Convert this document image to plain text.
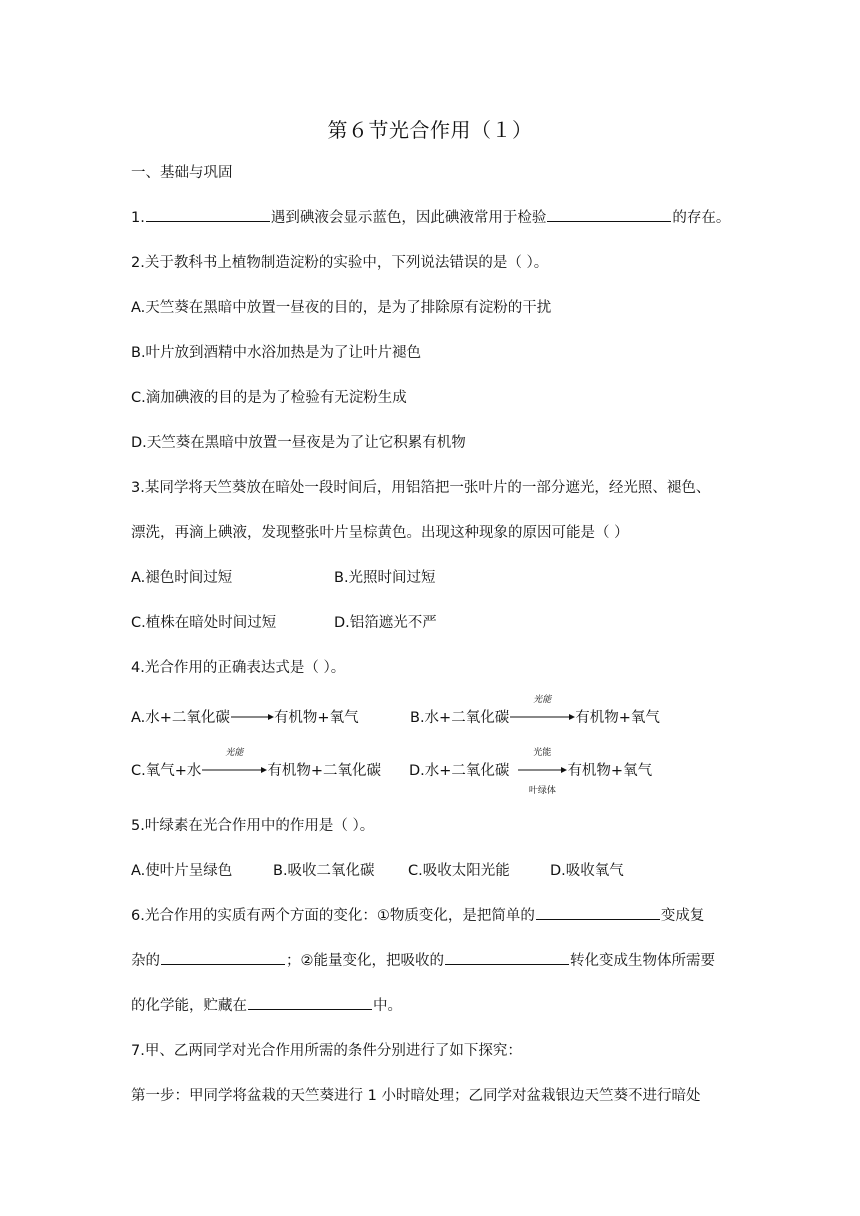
第６节光合作用（１）
一、基础与巩固
1.	遇到碘液会显示蓝色，因此碘液常用于检验	的存在。
2.关于教科书上植物制造淀粉的实验中，下列说法错误的是（ ）。
A.天竺葵在黑暗中放置一昼夜的目的，是为了排除原有淀粉的干扰
B.叶片放到酒精中水浴加热是为了让叶片褪色
C.滴加碘液的目的是为了检验有无淀粉生成
D.天竺葵在黑暗中放置一昼夜是为了让它积累有机物
3.某同学将天竺葵放在暗处一段时间后，用铝箔把一张叶片的一部分遮光，经光照、褪色、
漂洗，再滴上碘液，发现整张叶片呈棕黄色。出现这种现象的原因可能是（ ）
A.褪色时间过短	B.光照时间过短
C.植株在暗处时间过短	D.铝箔遮光不严
4.光合作用的正确表达式是（ ）。
A.水+二氧化碳→有机物+氧气	B.水+二氧化碳
光能
有机物+氧气
C.氧气+水
光能
有机物+二氧化碳 D.水+二氧化碳
光能
叶绿体
有机物+氧气
5.叶绿素在光合作用中的作用是（ ）。
A.使叶片呈绿色	B.吸收二氧化碳 C.吸收太阳光能	D.吸收氧气
6.光合作用的实质有两个方面的变化：①物质变化，是把简单的	变成复
杂的	；②能量变化，把吸收的	转化变成生物体所需要
的化学能，贮藏在	中。
7.甲、乙两同学对光合作用所需的条件分别进行了如下探究：
第一步：甲同学将盆栽的天竺葵进行 1 小时暗处理；乙同学对盆栽银边天竺葵不进行暗处
